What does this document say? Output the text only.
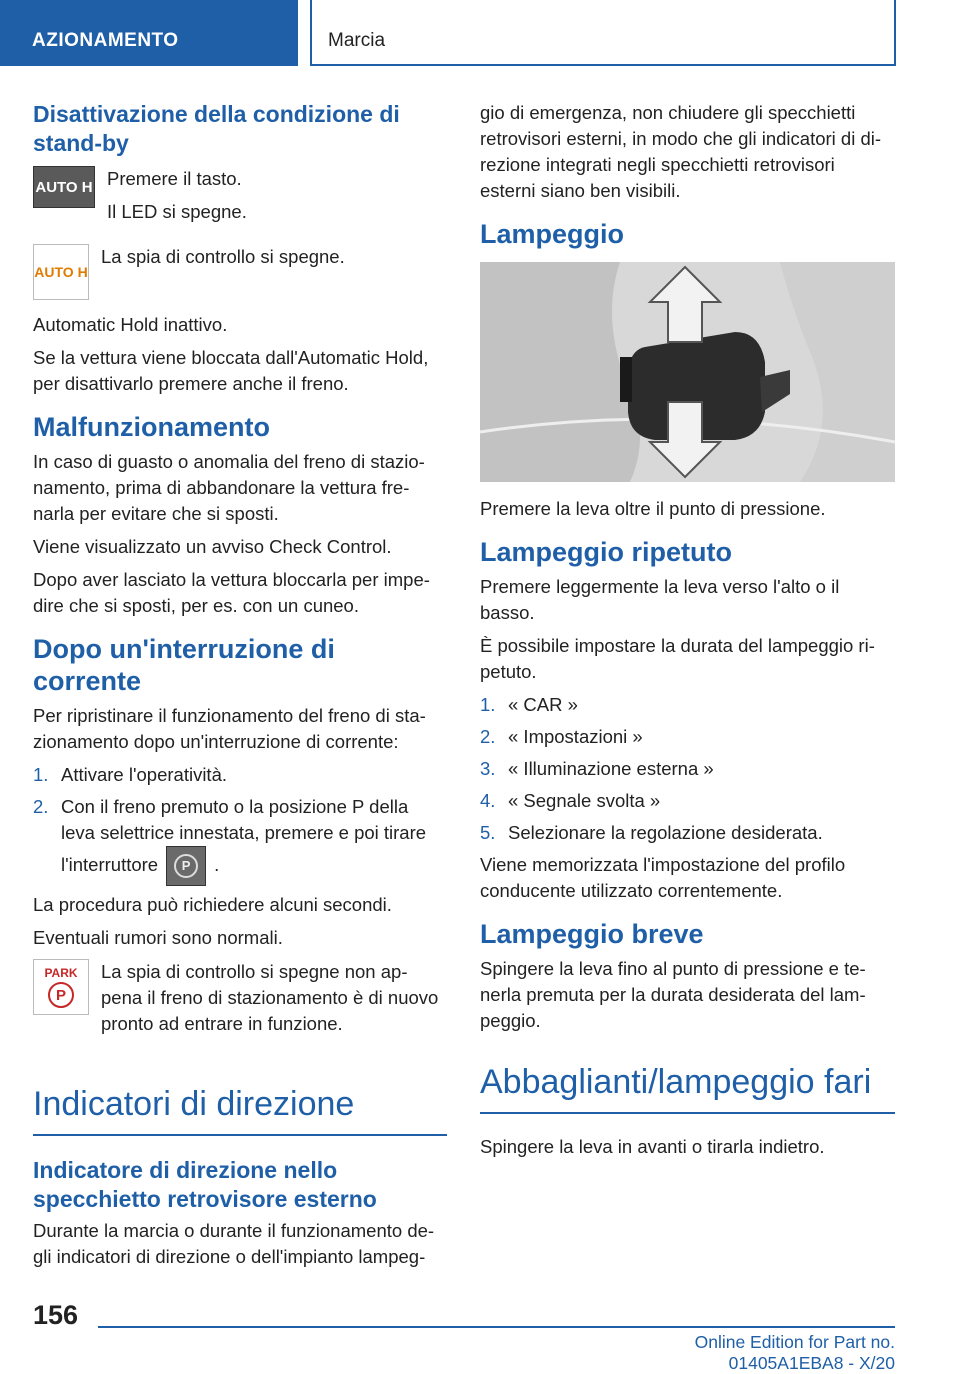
AZIONAMENTO	Marcia
Disattivazione della condizione di stand-by
AUTO H Premere il tasto.
Il LED si spegne.
AUTO H
La spia di controllo si spegne.
Automatic Hold inattivo.
Se la vettura viene bloccata dall'Automatic Hold, per disattivarlo premere anche il freno.
Malfunzionamento
In caso di guasto o anomalia del freno di stazio-namento, prima di abbandonare la vettura fre-narla per evitare che si sposti.
Viene visualizzato un avviso Check Control.
Dopo aver lasciato la vettura bloccarla per impe-dire che si sposti, per es. con un cuneo.
Dopo un'interruzione di corrente
Per ripristinare il funzionamento del freno di sta-zionamento dopo un'interruzione di corrente:
1. Attivare l'operatività.
2. Con il freno premuto o la posizione P della leva selettrice innestata, premere e poi tirare l'interruttore	P	.
La procedura può richiedere alcuni secondi.
Eventuali rumori sono normali.
PARK
P
La spia di controllo si spegne non ap-pena il freno di stazionamento è di nuovo pronto ad entrare in funzione.
Indicatori di direzione
Indicatore di direzione nello specchietto retrovisore esterno
Durante la marcia o durante il funzionamento de-gli indicatori di direzione o dell'impianto lampeg-
gio di emergenza, non chiudere gli specchietti retrovisori esterni, in modo che gli indicatori di di-rezione integrati negli specchietti retrovisori esterni siano ben visibili.
Lampeggio
Premere la leva oltre il punto di pressione.
Lampeggio ripetuto
Premere leggermente la leva verso l'alto o il basso.
È possibile impostare la durata del lampeggio ri-petuto.
1. « CAR »
2. « Impostazioni »
3. « Illuminazione esterna »
4. « Segnale svolta »
5. Selezionare la regolazione desiderata.
Viene memorizzata l'impostazione del profilo conducente utilizzato correntemente.
Lampeggio breve
Spingere la leva fino al punto di pressione e te-nerla premuta per la durata desiderata del lam-peggio.
Abbaglianti/lampeggio fari
Spingere la leva in avanti o tirarla indietro.
156
Online Edition for Part no. 01405A1EBA8 - X/20
